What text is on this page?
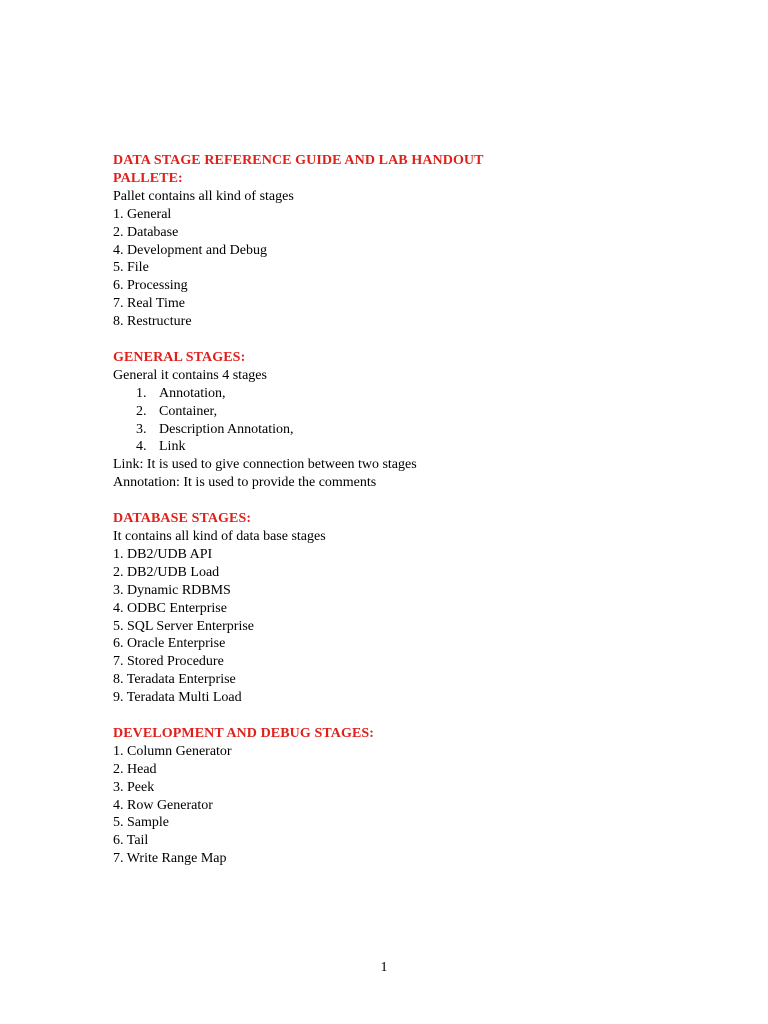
DATA STAGE REFERENCE GUIDE AND LAB HANDOUT
PALLETE:
Pallet contains all kind of stages
1. General
2. Database
4. Development and Debug
5. File
6. Processing
7. Real Time
8. Restructure
GENERAL STAGES:
General it contains 4 stages
1. Annotation,
2. Container,
3. Description Annotation,
4. Link
Link: It is used to give connection between two stages
Annotation: It is used to provide the comments
DATABASE STAGES:
It contains all kind of data base stages
1. DB2/UDB API
2. DB2/UDB Load
3. Dynamic RDBMS
4. ODBC Enterprise
5. SQL Server Enterprise
6. Oracle Enterprise
7. Stored Procedure
8. Teradata Enterprise
9. Teradata Multi Load
DEVELOPMENT AND DEBUG STAGES:
1. Column Generator
2. Head
3. Peek
4. Row Generator
5. Sample
6. Tail
7. Write Range Map
1
